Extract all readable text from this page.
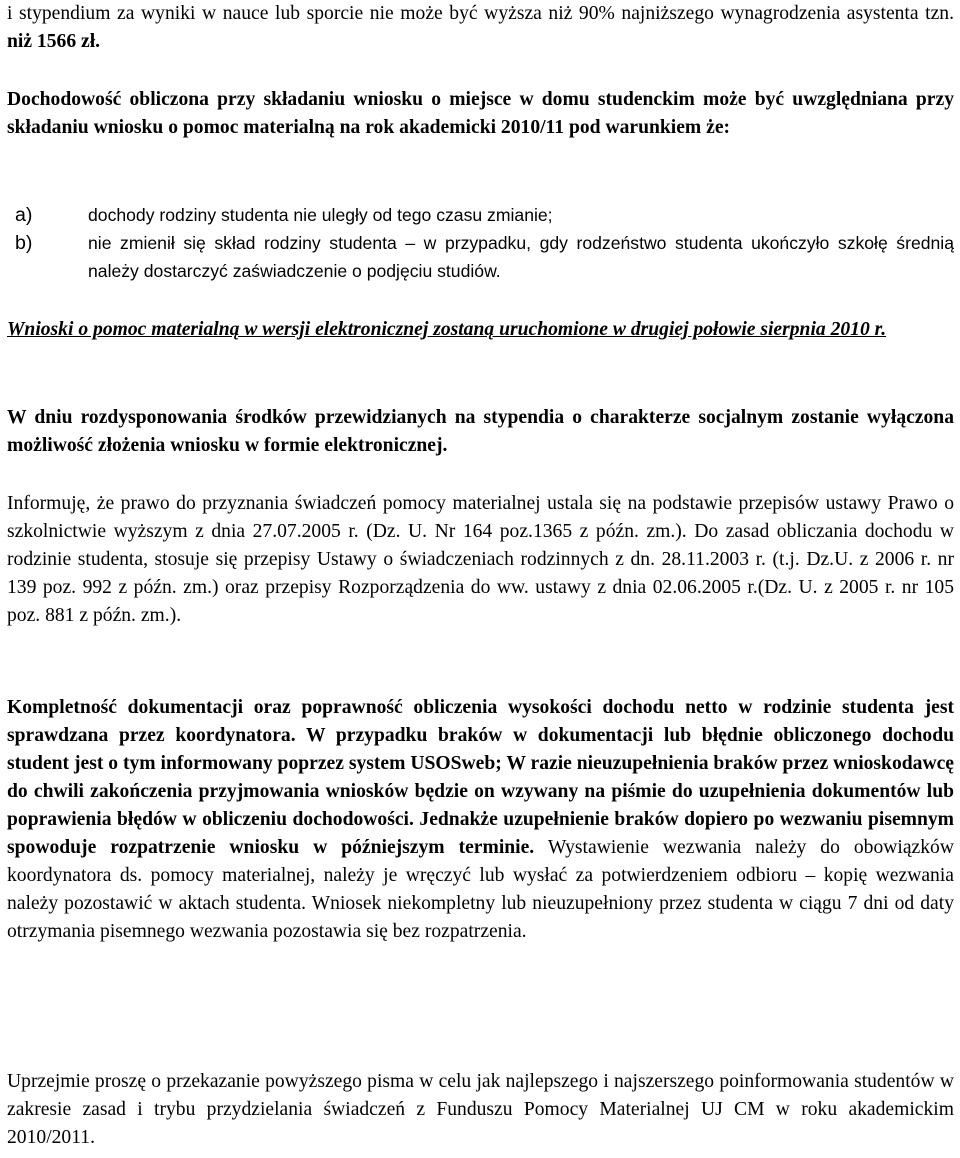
i stypendium za wyniki w nauce lub sporcie nie może być wyższa niż 90% najniższego wynagrodzenia asystenta tzn. niż 1566 zł.

Dochodowość obliczona przy składaniu wniosku o miejsce w domu studenckim może być uwzględniana przy składaniu wniosku o pomoc materialną na rok akademicki 2010/11 pod warunkiem że:

a)	dochody rodziny studenta nie uległy od tego czasu zmianie;
b)	nie zmienił się skład rodziny studenta – w przypadku, gdy rodzeństwo studenta ukończyło szkołę średnią należy dostarczyć zaświadczenie o podjęciu studiów.

Wnioski o pomoc materialną w wersji elektronicznej zostaną uruchomione w drugiej połowie sierpnia 2010 r.

W dniu rozdysponowania środków przewidzianych na stypendia o charakterze socjalnym zostanie wyłączona możliwość złożenia wniosku w formie elektronicznej.

Informuję, że prawo do przyznania świadczeń pomocy materialnej ustala się na podstawie przepisów ustawy Prawo o szkolnictwie wyższym z dnia 27.07.2005 r. (Dz. U. Nr 164 poz.1365 z późn. zm.). Do zasad obliczania dochodu w rodzinie studenta, stosuje się przepisy Ustawy o świadczeniach rodzinnych z dn. 28.11.2003 r. (t.j. Dz.U. z 2006 r. nr 139 poz. 992 z późn. zm.) oraz przepisy Rozporządzenia do ww. ustawy z dnia 02.06.2005 r.(Dz. U. z 2005 r. nr 105 poz. 881 z późn. zm.).

Kompletność dokumentacji oraz poprawność obliczenia wysokości dochodu netto w rodzinie studenta jest sprawdzana przez koordynatora. W przypadku braków w dokumentacji lub błędnie obliczonego dochodu student jest o tym informowany poprzez system USOSweb; W razie nieuzupełnienia braków przez wnioskodawcę do chwili zakończenia przyjmowania wniosków będzie on wzywany na piśmie do uzupełnienia dokumentów lub poprawienia błędów w obliczeniu dochodowości. Jednakże uzupełnienie braków dopiero po wezwaniu pisemnym spowoduje rozpatrzenie wniosku w późniejszym terminie. Wystawienie wezwania należy do obowiązków koordynatora ds. pomocy materialnej, należy je wręczyć lub wysłać za potwierdzeniem odbioru – kopię wezwania należy pozostawić w aktach studenta. Wniosek niekompletny lub nieuzupełniony przez studenta w ciągu 7 dni od daty otrzymania pisemnego wezwania pozostawia się bez rozpatrzenia.

Uprzejmie proszę o przekazanie powyższego pisma w celu jak najlepszego i najszerszego poinformowania studentów w zakresie zasad i trybu przydzielania świadczeń z Funduszu Pomocy Materialnej UJ CM w roku akademickim 2010/2011.
